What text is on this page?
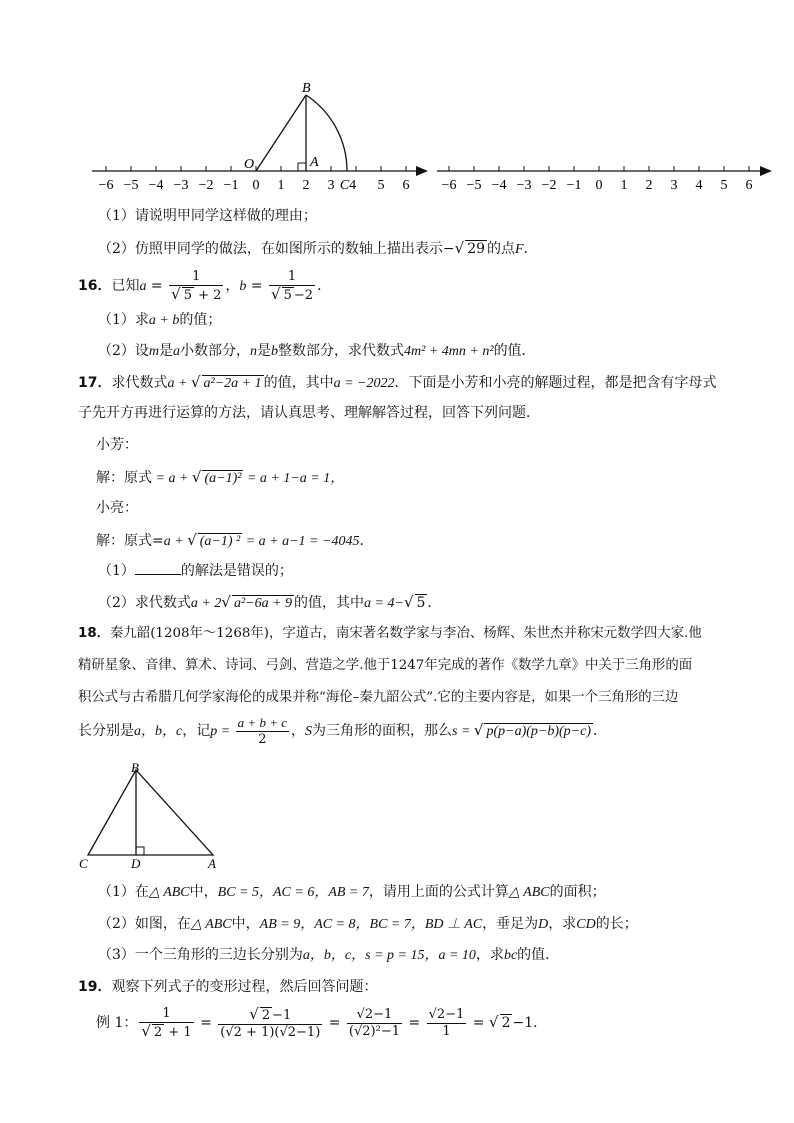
−6 −5 −4 −3 −2 −1 0 1 2 3 C4 5 6 −6 −5 −4 −3 −2 −1 0 1 2 3 4 5 6
B
O	A
（1）请说明甲同学这样做的理由；
（2）仿照甲同学的做法，在如图所示的数轴上描出表示−√ 29 的点F．
16．已知$a = \frac{1}{√ 5 + 2}$ ，$b = \frac{1}{√ 5 -2}$ ．
（1）求a + b的值；
（2）设m是a小数部分，n是b整数部分，求代数式4m² + 4mn + n²的值．
17．求代数式a + √ a²−2a + 1 的值，其中a = −2022．下面是小芳和小亮的解题过程，都是把含有字母式
子先开方再进行运算的方法，请认真思考、理解解答过程，回答下列问题．
小芳：
解：原式 = a + √(a−1)² = a + 1−a = 1，
小亮：
解：原式=a + √(a−1) ² = a + a−1 = −4045．
（1）	的解法是错误的；
（2）求代数式a + 2√ a²−6a + 9 的值，其中a = 4−√ 5 ．
18．秦九韶(1208年～1268年)，字道古，南宋著名数学家与李冶、杨辉、朱世杰并称宋元数学四大家.他
精研星象、音律、算术、诗词、弓剑、营造之学.他于1247年完成的著作《数学九章》中关于三角形的面
积公式与古希腊几何学家海伦的成果并称“海伦–秦九韶公式”.它的主要内容是，如果一个三角形的三边
长分别是a，b，c，记$p = \frac{a + b + c}{2}$ ，S为三角形的面积，那么s = √ p(p−a)(p−b)(p−c) ．
B
C	D	A
（1）在△ ABC中，BC = 5，AC = 6，AB = 7，请用上面的公式计算△ ABC的面积；
（2）如图，在△ ABC中，AB = 9，AC = 8，BC = 7，BD ⊥ AC，垂足为D，求CD的长；
（3）一个三角形的三边长分别为a，b，c，s = p = 15，a = 10，求bc的值．
19．观察下列式子的变形过程，然后回答问题：
例 1： $\frac{1}{√ 2 + 1} = \frac{√ 2 -1}{(√2 + 1)(√2-1)} = \frac{√2-1}{\text{(√2)²−1}} = \frac{√2-1}{1}$ = √ 2 −1．
